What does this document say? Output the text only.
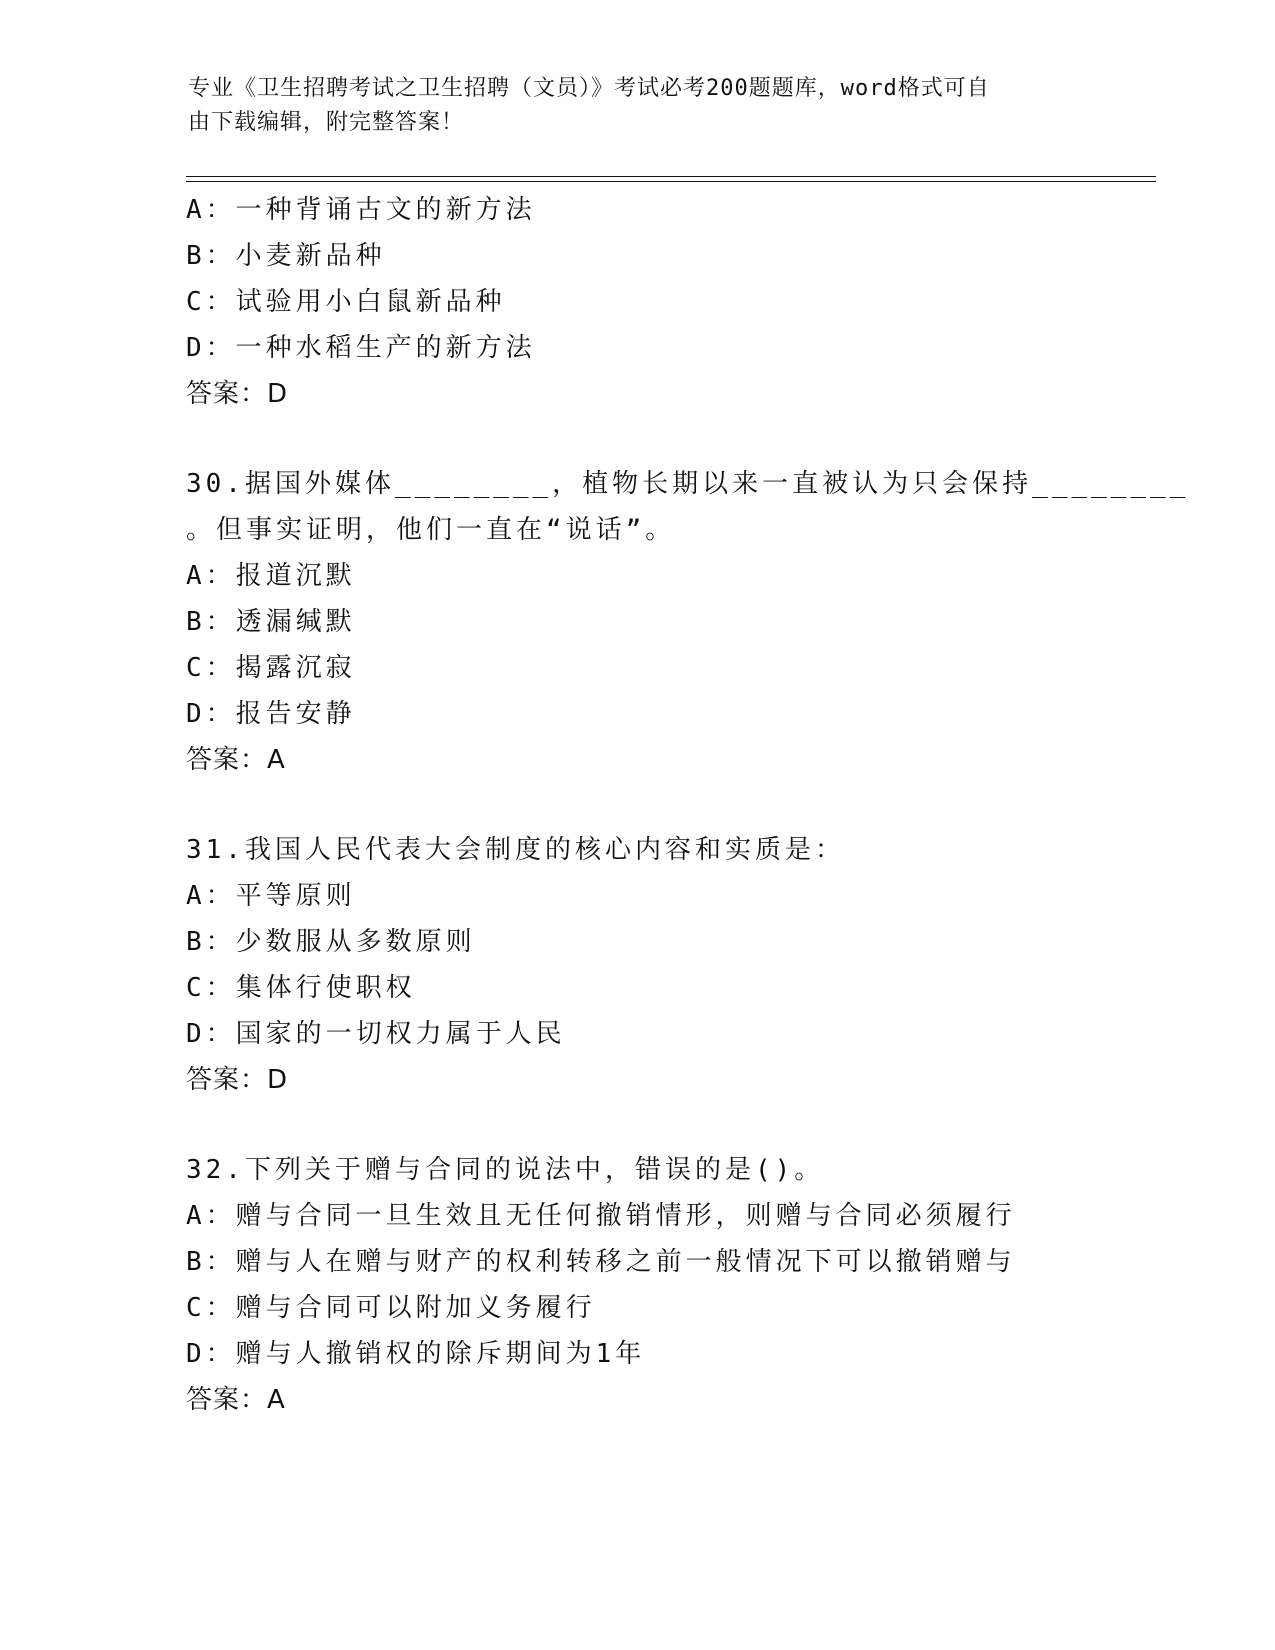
专业《卫生招聘考试之卫生招聘（文员）》考试必考200题题库，word格式可自
由下载编辑，附完整答案！
A：一种背诵古文的新方法
B：小麦新品种
C：试验用小白鼠新品种
D：一种水稻生产的新方法
答案：D
30.据国外媒体________，植物长期以来一直被认为只会保持________
。但事实证明，他们一直在“说话”。
A：报道沉默
B：透漏缄默
C：揭露沉寂
D：报告安静
答案：A
31.我国人民代表大会制度的核心内容和实质是：
A：平等原则
B：少数服从多数原则
C：集体行使职权
D：国家的一切权力属于人民
答案：D
32.下列关于赠与合同的说法中，错误的是()。
A：赠与合同一旦生效且无任何撤销情形，则赠与合同必须履行
B：赠与人在赠与财产的权利转移之前一般情况下可以撤销赠与
C：赠与合同可以附加义务履行
D：赠与人撤销权的除斥期间为1年
答案：A
